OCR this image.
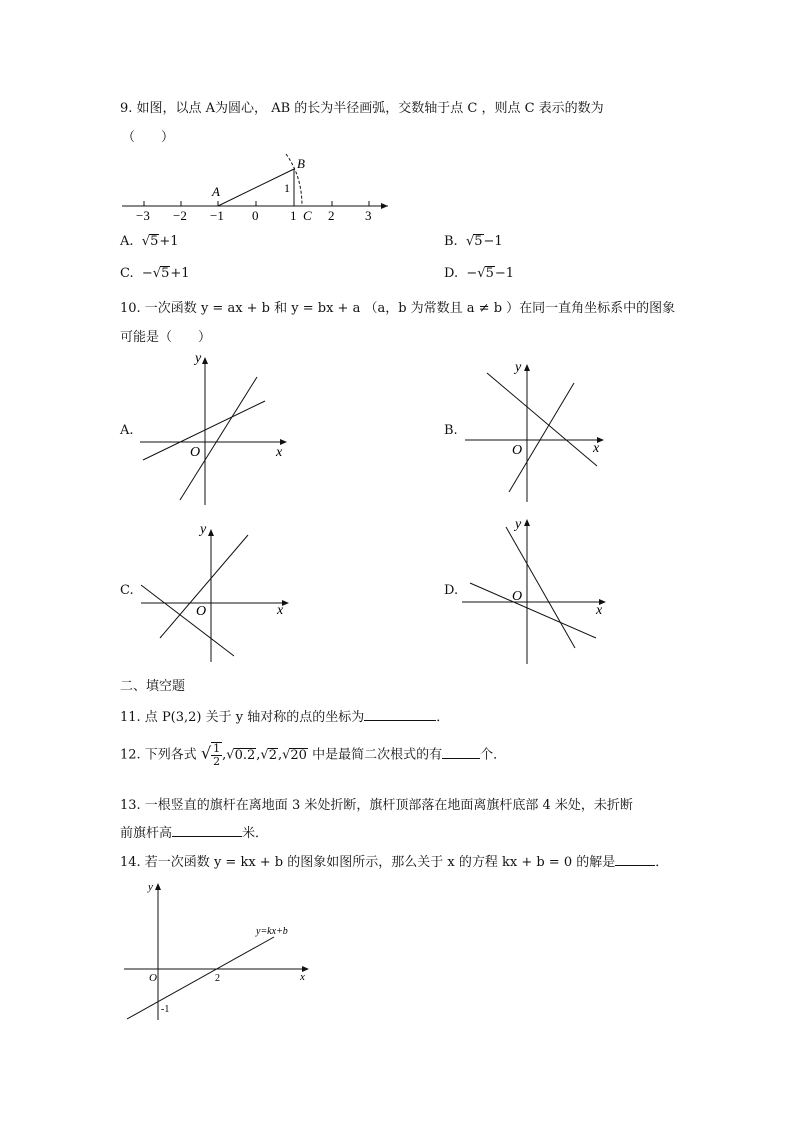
9. 如图，以点 A为圆心， AB 的长为半径画弧，交数轴于点 C ，则点 C 表示的数为
（　　）
−3 −2 −1 0 1 2 3
A
B
C
1
A. √5+1	B. √5−1
C. −√5+1	D. −√5−1
10. 一次函数 y = ax + b 和 y = bx + a （a，b 为常数且 a ≠ b ）在同一直角坐标系中的图象
可能是（　　）
A.	B.
C.	D.
y
x
O
y
x
O
y
x
O
y
x
O
二、填空题
11. 点 P(3,2) 关于 y 轴对称的点的坐标为	．
12. 下列各式 √ $\frac{1}{2} ,√0.2,√2,√20$ 中是最简二次根式的有	个．
13. 一根竖直的旗杆在离地面 3 米处折断，旗杆顶部落在地面离旗杆底部 4 米处，未折断
前旗杆高	米．
14. 若一次函数 y = kx + b 的图象如图所示，那么关于 x 的方程 kx + b = 0 的解是	．
y
x
O	2
-1
y=kx+b
